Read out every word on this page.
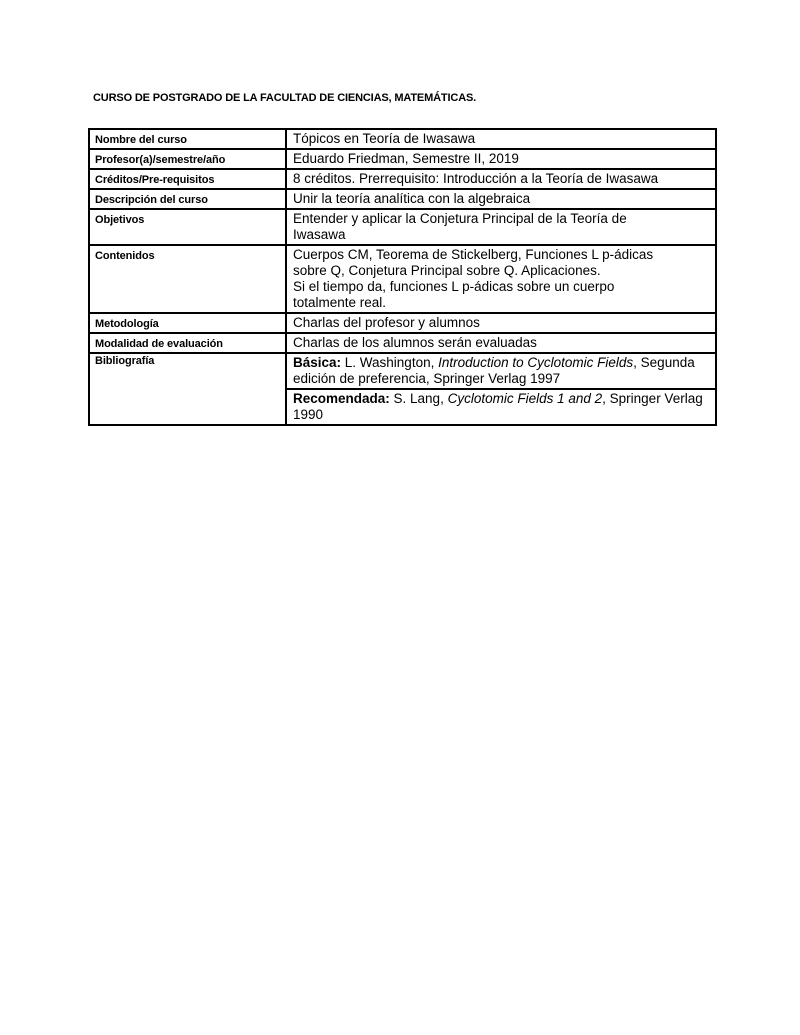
CURSO DE POSTGRADO DE LA FACULTAD DE CIENCIAS, MATEMÁTICAS.
Nombre del curso	Tópicos en Teoría de Iwasawa
Profesor(a)/semestre/año	Eduardo Friedman, Semestre II, 2019
Créditos/Pre-requisitos	8 créditos. Prerrequisito: Introducción a la Teoría de Iwasawa
Descripción del curso	Unir la teoría analítica con la algebraica
Objetivos	Entender y aplicar la Conjetura Principal de la Teoría de
Iwasawa
Contenidos	Cuerpos CM, Teorema de Stickelberg, Funciones L p-ádicas
sobre Q, Conjetura Principal sobre Q. Aplicaciones.
Si el tiempo da, funciones L p-ádicas sobre un cuerpo
totalmente real.
Metodología	Charlas del profesor y alumnos
Modalidad de evaluación	Charlas de los alumnos serán evaluadas
Bibliografía	Básica: L. Washington, Introduction to Cyclotomic Fields, Segunda edición de preferencia, Springer Verlag 1997
	Recomendada: S. Lang, Cyclotomic Fields 1 and 2, Springer Verlag 1990
